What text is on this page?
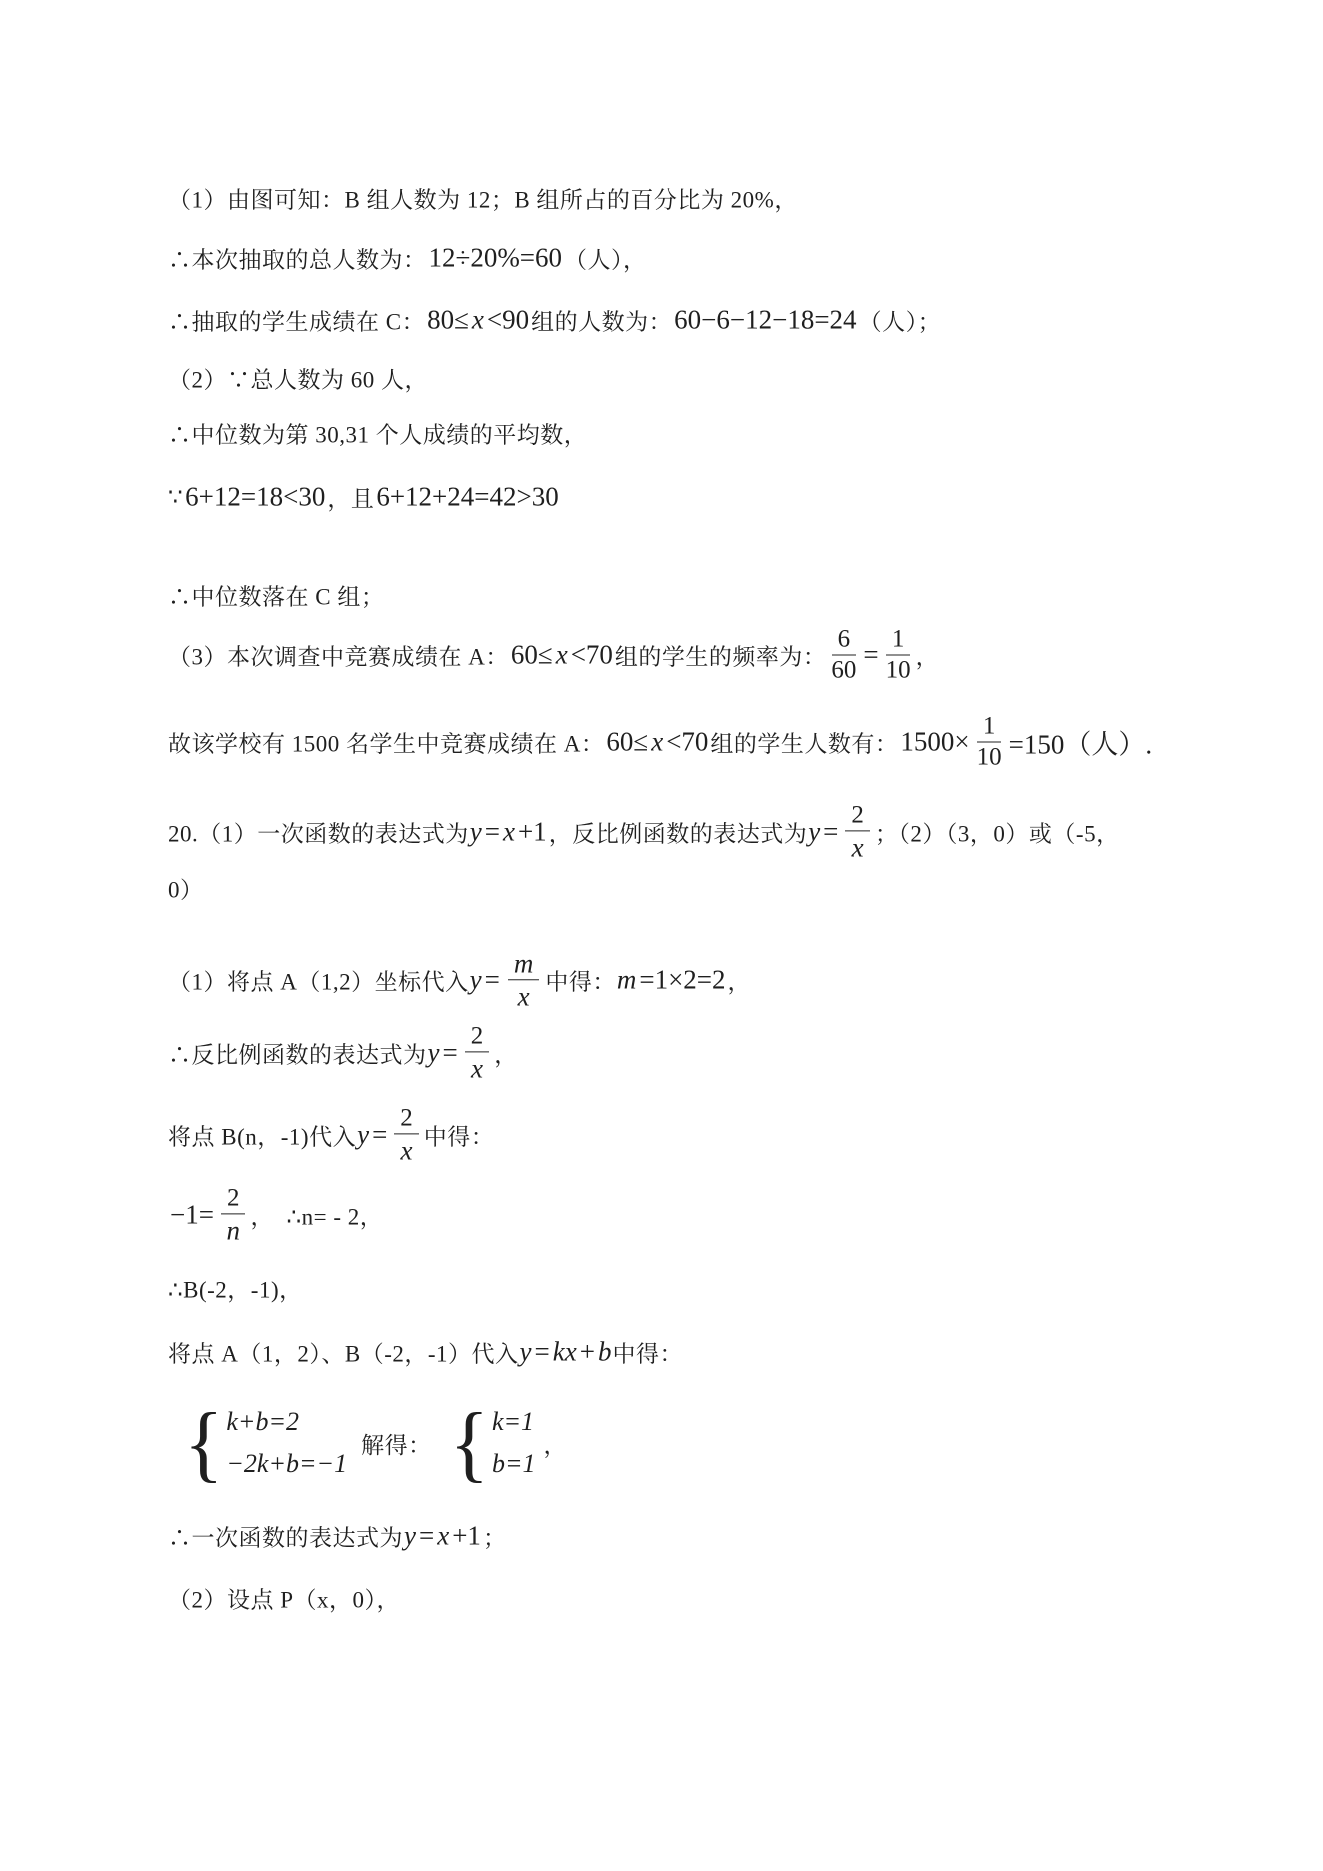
（1）由图可知：B 组人数为 12；B 组所占的百分比为 20%，
∴本次抽取的总人数为： 12÷20%=60 （人），
∴抽取的学生成绩在 C： 80≤ x <90 组的人数为： 60−6−12−18=24 （人）；
（2）∵总人数为 60 人，
∴中位数为第 30,31 个人成绩的平均数，
∵ 6+12=18<30 ，且 6+12+24=42>30
∴中位数落在 C 组；
（3）本次调查中竞赛成绩在 A： 60≤ x <70 组的学生的频率为： $\frac{6}{60} = \frac{1}{10}$ ，
故该学校有 1500 名学生中竞赛成绩在 A： 60≤ x <70 组的学生人数有： $1500\times \frac{1}{10} =150$（人）.
20.（1）一次函数的表达式为 y = x +1 ，反比例函数的表达式为 $y = \frac{2}{x}$ ；（2）（3，0）或（-5，
0）
（1）将点 A（1,2）坐标代入 $y = \frac{m}{x}$ 中得： m =1×2=2 ，
∴反比例函数的表达式为 $y = \frac{2}{x}$ ，
将点 B(n，-1)代入 $y = \frac{2}{x}$ 中得：
$-1= \frac{2}{n}$ ， ∴n= - 2，
∴B(-2，-1)，
将点 A（1，2）、B（-2，-1）代入 y = kx + b 中得：
{ k+b=2
−2k+b=−1
解得： { k=1
b=1
，
∴一次函数的表达式为 y = x +1 ；
（2）设点 P（x，0），
